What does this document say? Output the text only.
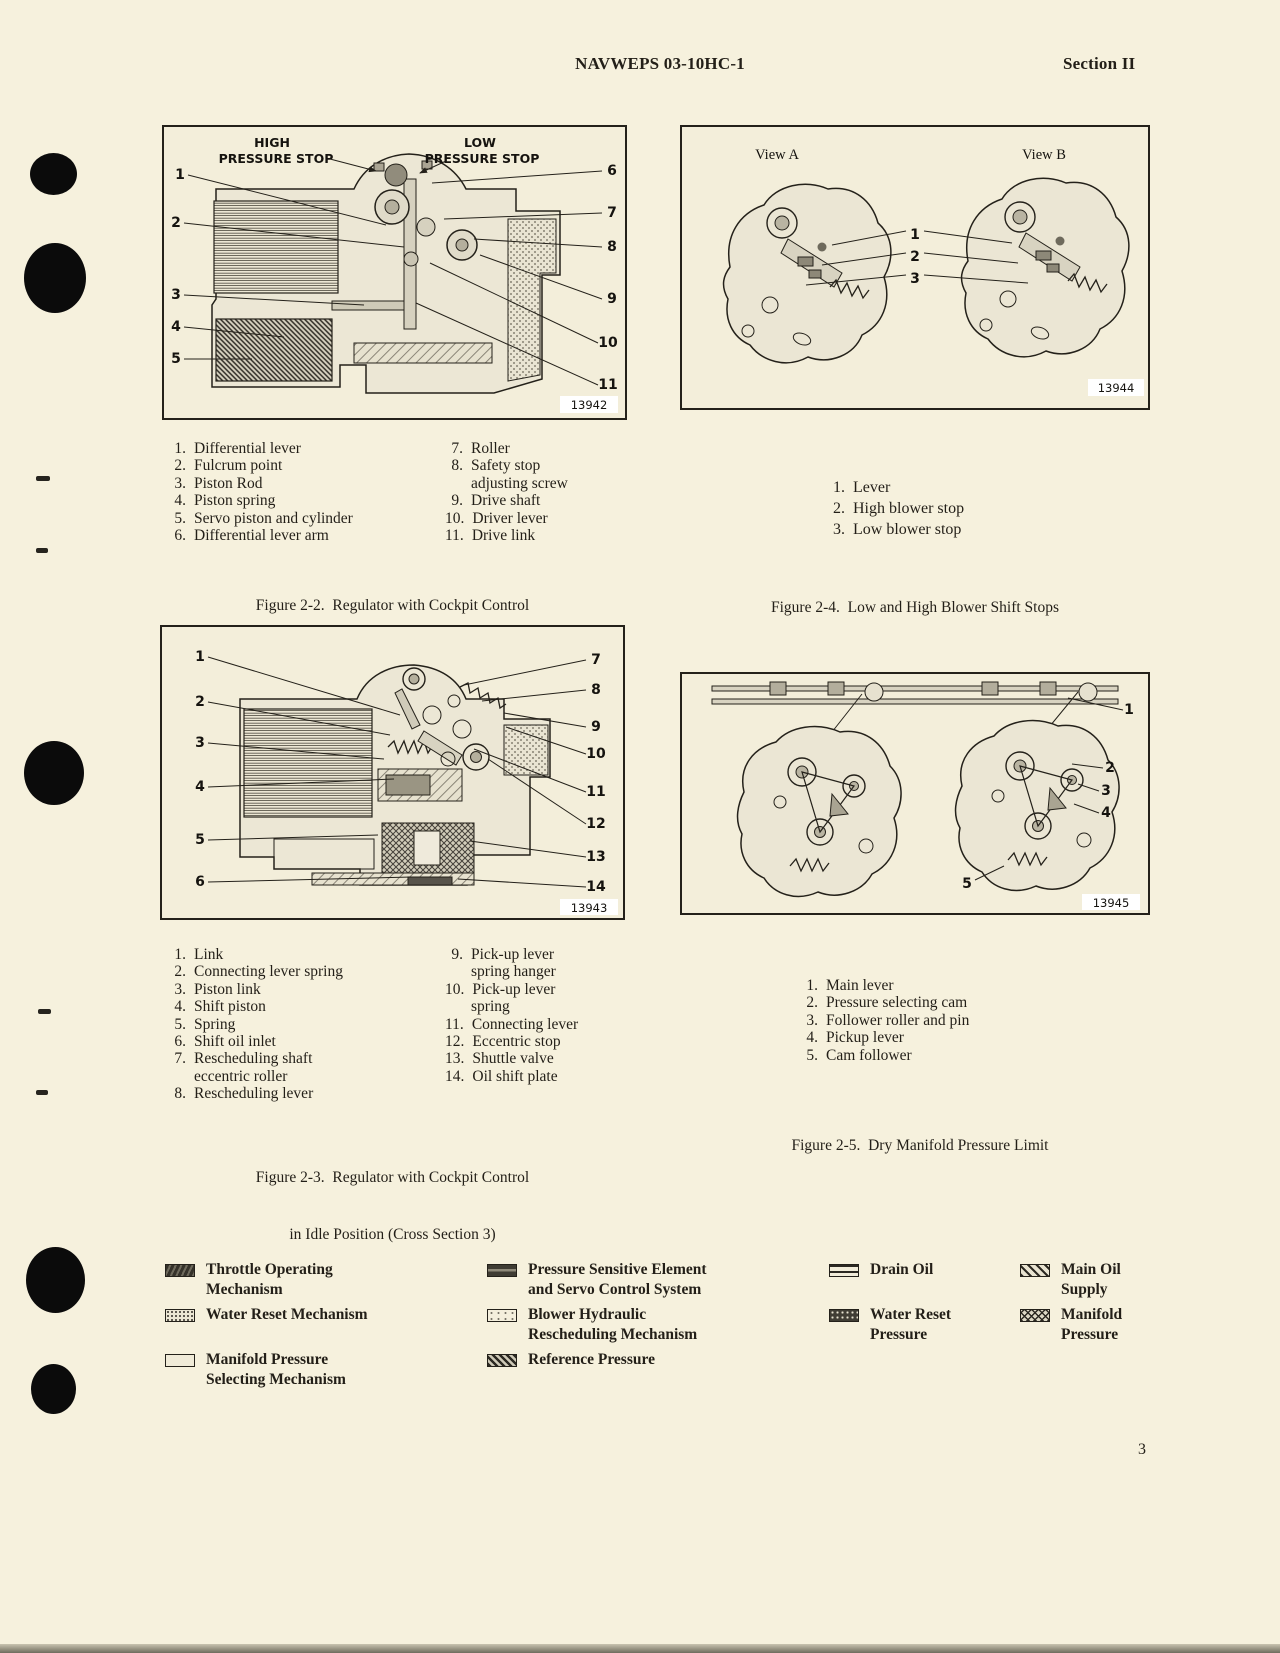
NAVWEPS 03-10HC-1	Section II
HIGH
PRESSURE STOP
LOW
PRESSURE STOP
1
2
3
4
5
6
7
8
9
10
11
13942
1. Differential lever
2. Fulcrum point
3. Piston Rod
4. Piston spring
5. Servo piston and cylinder
6. Differential lever arm
7. Roller
8. Safety stop
adjusting screw
9. Drive shaft
10. Driver lever
11. Drive link

Figure 2-2.  Regulator with Cockpit Control

View A	View B
1
2
3
13944
1. Lever
2. High blower stop
3. Low blower stop

Figure 2-4.  Low and High Blower Shift Stops

1
2
3
4
5
6
7
8
9
10
11
12
13
14
13943
1. Link
2. Connecting lever spring
3. Piston link
4. Shift piston
5. Spring
6. Shift oil inlet
7. Rescheduling shaft
eccentric roller
8. Rescheduling lever
9. Pick-up lever
spring hanger
10. Pick-up lever
spring
11. Connecting lever
12. Eccentric stop
13. Shuttle valve
14. Oil shift plate

Figure 2-3.  Regulator with Cockpit Control

in Idle Position (Cross Section 3)

1
2
3
4
5
13945
1. Main lever
2. Pressure selecting cam
3. Follower roller and pin
4. Pickup lever
5. Cam follower

Figure 2-5.  Dry Manifold Pressure Limit

Throttle Operating
Mechanism
Water Reset Mechanism
Manifold Pressure
Selecting Mechanism
Pressure Sensitive Element
and Servo Control System
Blower Hydraulic
Rescheduling Mechanism
Reference Pressure
Drain Oil
Water Reset
Pressure
Main Oil
Supply
Manifold
Pressure
3
